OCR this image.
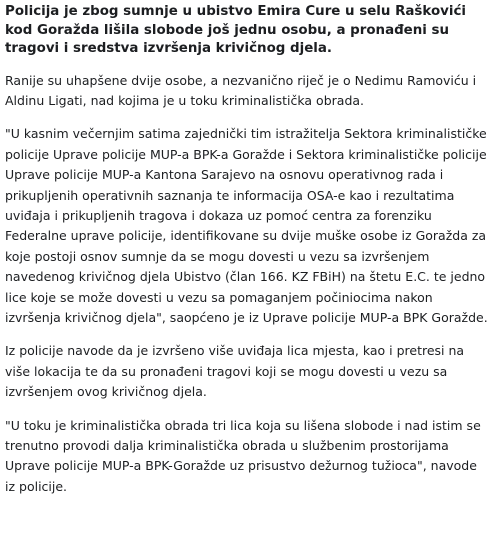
Policija je zbog sumnje u ubistvo Emira Cure u selu Raškovići kod Goražda lišila slobode još jednu osobu, a pronađeni su tragovi i sredstva izvršenja krivičnog djela.

Ranije su uhapšene dvije osobe, a nezvanično riječ je o Nedimu Ramoviću i Aldinu Ligati, nad kojima je u toku kriminalistička obrada.

"U kasnim večernjim satima zajednički tim istražitelja Sektora kriminalističke policije Uprave policije MUP-a BPK-a Goražde i Sektora kriminalističke policije Uprave policije MUP-a Kantona Sarajevo na osnovu operativnog rada i prikupljenih operativnih saznanja te informacija OSA-e kao i rezultatima uviđaja i prikupljenih tragova i dokaza uz pomoć centra za forenziku Federalne uprave policije, identifikovane su dvije muške osobe iz Goražda za koje postoji osnov sumnje da se mogu dovesti u vezu sa izvršenjem navedenog krivičnog djela Ubistvo (član 166. KZ FBiH) na štetu E.C. te jedno lice koje se može dovesti u vezu sa pomaganjem počiniocima nakon izvršenja krivičnog djela", saopćeno je iz Uprave policije MUP-a BPK Goražde.

Iz policije navode da je izvršeno više uviđaja lica mjesta, kao i pretresi na više lokacija te da su pronađeni tragovi koji se mogu dovesti u vezu sa izvršenjem ovog krivičnog djela.

"U toku je kriminalistička obrada tri lica koja su lišena slobode i nad istim se trenutno provodi dalja kriminalistička obrada u službenim prostorijama Uprave policije MUP-a BPK-Goražde uz prisustvo dežurnog tužioca", navode iz policije.
